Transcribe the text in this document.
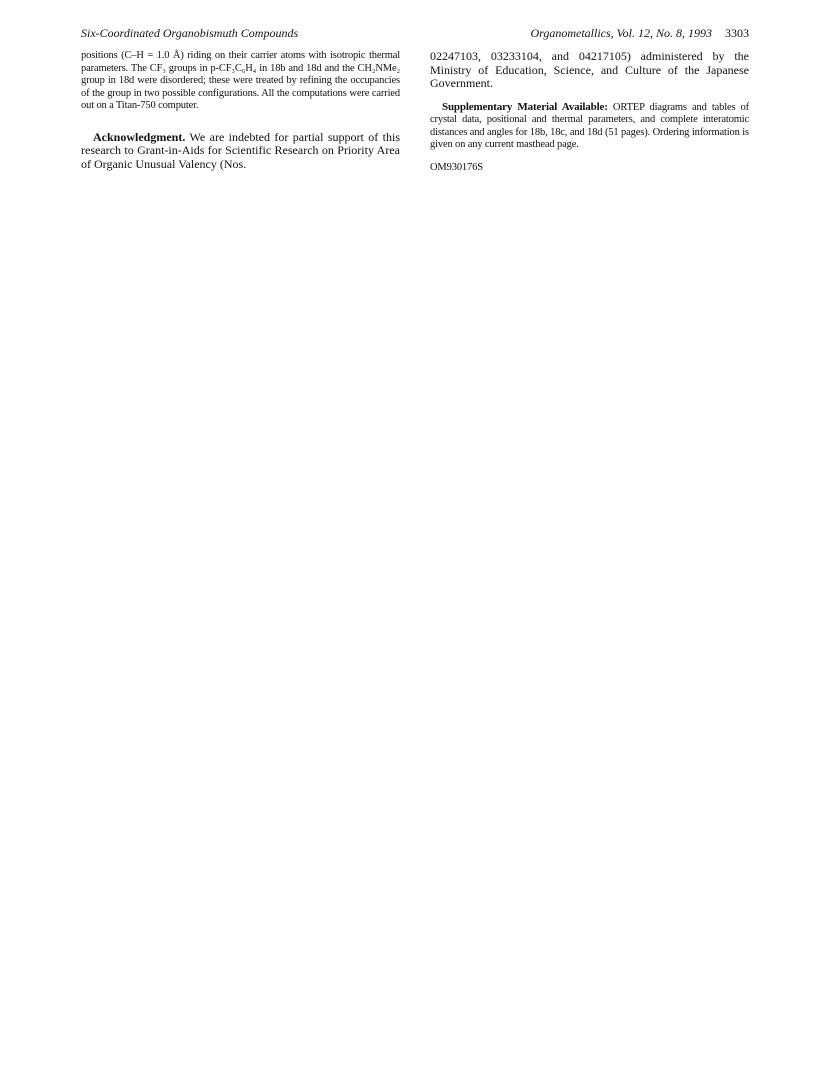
Six-Coordinated Organobismuth Compounds	Organometallics, Vol. 12, No. 8, 1993 3303

positions (C–H = 1.0 Å) riding on their carrier atoms with isotropic thermal parameters. The CF₃ groups in p-CF₃C₆H₄ in 18b and 18d and the CH₂NMe₂ group in 18d were disordered; these were treated by refining the occupancies of the group in two possible configurations. All the computations were carried out on a Titan-750 computer.

Acknowledgment. We are indebted for partial support of this research to Grant-in-Aids for Scientific Research on Priority Area of Organic Unusual Valency (Nos.

02247103, 03233104, and 04217105) administered by the Ministry of Education, Science, and Culture of the Japanese Government.

Supplementary Material Available: ORTEP diagrams and tables of crystal data, positional and thermal parameters, and complete interatomic distances and angles for 18b, 18c, and 18d (51 pages). Ordering information is given on any current masthead page.

OM930176S
